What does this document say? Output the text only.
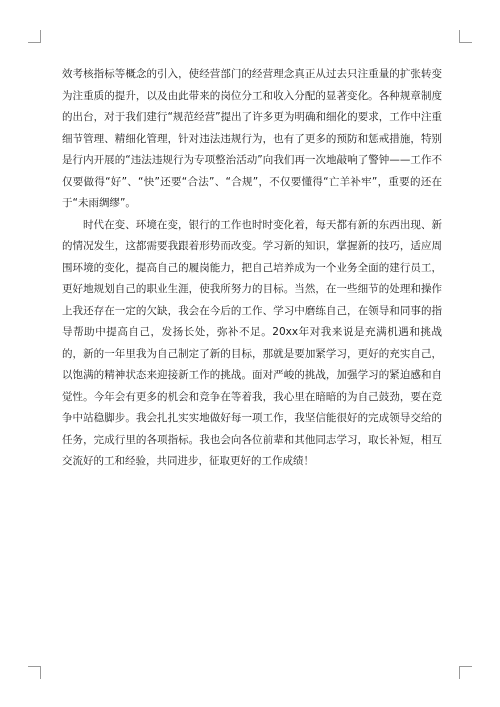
效考核指标等概念的引入，使经营部门的经营理念真正从过去只注重量的扩张转变为注重质的提升，以及由此带来的岗位分工和收入分配的显著变化。各种规章制度的出台，对于我们建行“规范经营”提出了许多更为明确和细化的要求，工作中注重细节管理、精细化管理，针对违法违规行为，也有了更多的预防和惩戒措施，特别是行内开展的“违法违规行为专项整治活动”向我们再一次地敲响了警钟——工作不仅要做得“好”、“快”还要“合法”、“合规”，不仅要懂得“亡羊补牢”，重要的还在于“未雨绸缪”。

时代在变、环境在变，银行的工作也时时变化着，每天都有新的东西出现、新的情况发生，这都需要我跟着形势而改变。学习新的知识，掌握新的技巧，适应周围环境的变化，提高自己的履岗能力，把自己培养成为一个业务全面的建行员工，更好地规划自己的职业生涯，使我所努力的目标。当然，在一些细节的处理和操作上我还存在一定的欠缺，我会在今后的工作、学习中磨练自己，在领导和同事的指导帮助中提高自己，发扬长处，弥补不足。20xx年对我来说是充满机遇和挑战的，新的一年里我为自己制定了新的目标，那就是要加紧学习，更好的充实自己，以饱满的精神状态来迎接新工作的挑战。面对严峻的挑战，加强学习的紧迫感和自觉性。今年会有更多的机会和竞争在等着我，我心里在暗暗的为自己鼓劲，要在竞争中站稳脚步。我会扎扎实实地做好每一项工作，我坚信能很好的完成领导交给的任务，完成行里的各项指标。我也会向各位前辈和其他同志学习，取长补短，相互交流好的工和经验，共同进步，征取更好的工作成绩！
